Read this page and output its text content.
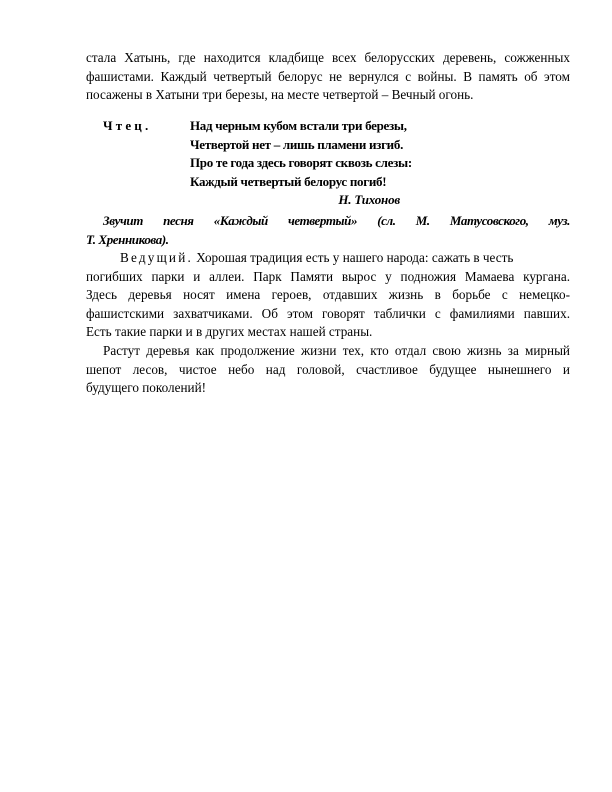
стала Хатынь, где находится кладбище всех белорусских деревень, сожженных
фашистами. Каждый четвертый белорус не вернулся с войны. В память об этом
посажены в Хатыни три березы, на месте четвертой – Вечный огонь.
Чтец.	Над черным кубом встали три березы,
Четвертой нет – лишь пламени изгиб.
Про те года здесь говорят сквозь слезы:
Каждый четвертый белорус погиб!
Н. Тихонов
Звучит песня «Каждый четвертый» (сл. М. Матусовского, муз.
Т. Хренникова).
Ведущий. Хорошая традиция есть у нашего народа: сажать в честь
погибших парки и аллеи. Парк Памяти вырос у подножия Мамаева кургана.
Здесь деревья носят имена героев, отдавших жизнь в борьбе с немецко-
фашистскими захватчиками. Об этом говорят таблички с фамилиями павших.
Есть такие парки и в других местах нашей страны.
Растут деревья как продолжение жизни тех, кто отдал свою жизнь за мирный
шепот лесов, чистое небо над головой, счастливое будущее нынешнего и
будущего поколений!
